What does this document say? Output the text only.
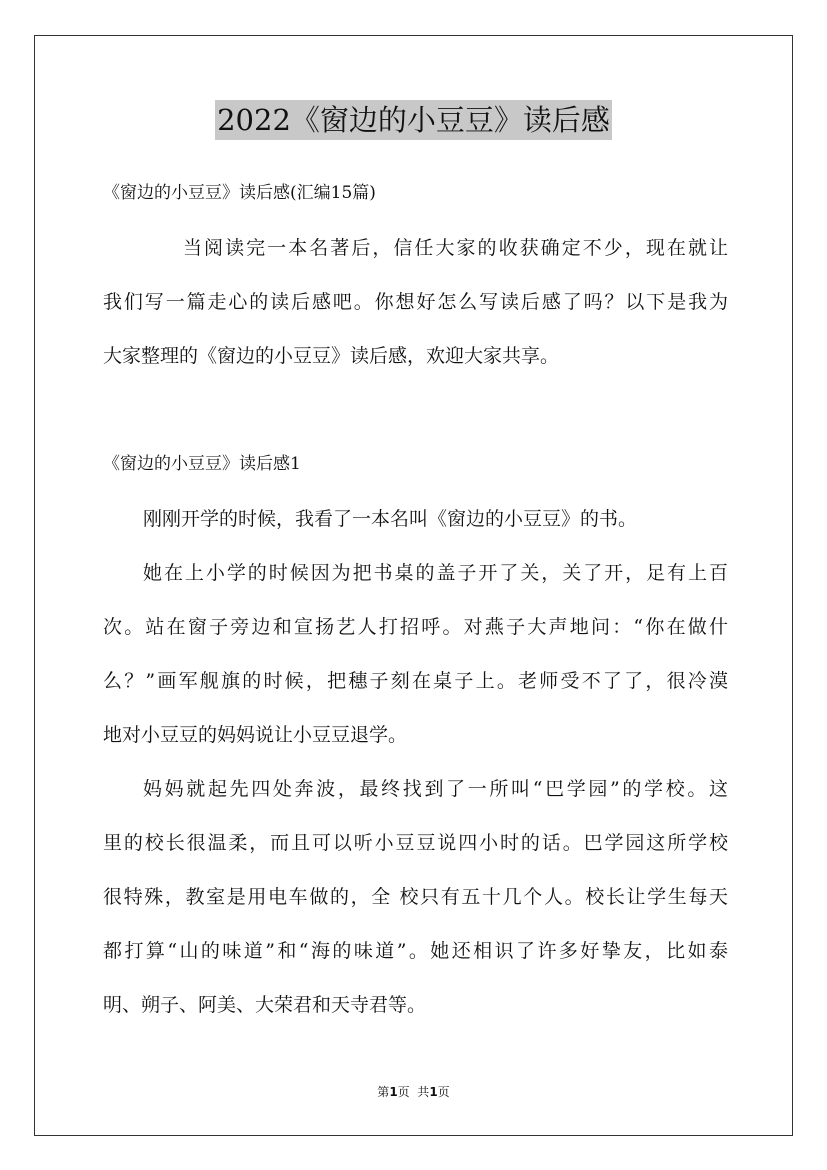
2022《窗边的小豆豆》读后感
《窗边的小豆豆》读后感(汇编15篇)
当阅读完一本名著后，信任大家的收获确定不少，现在就让
我们写一篇走心的读后感吧。你想好怎么写读后感了吗？以下是我为
大家整理的《窗边的小豆豆》读后感，欢迎大家共享。
《窗边的小豆豆》读后感1
刚刚开学的时候，我看了一本名叫《窗边的小豆豆》的书。
她在上小学的时候因为把书桌的盖子开了关，关了开，足有上百
次。站在窗子旁边和宣扬艺人打招呼。对燕子大声地问：“你在做什
么？”画军舰旗的时候，把穗子刻在桌子上。老师受不了了，很冷漠
地对小豆豆的妈妈说让小豆豆退学。
妈妈就起先四处奔波，最终找到了一所叫“巴学园”的学校。这
里的校长很温柔，而且可以听小豆豆说四小时的话。巴学园这所学校
很特殊，教室是用电车做的，全 校只有五十几个人。校长让学生每天
都打算“山的味道”和“海的味道”。她还相识了许多好挚友，比如泰
明、朔子、阿美、大荣君和天寺君等。
第1页  共1页
